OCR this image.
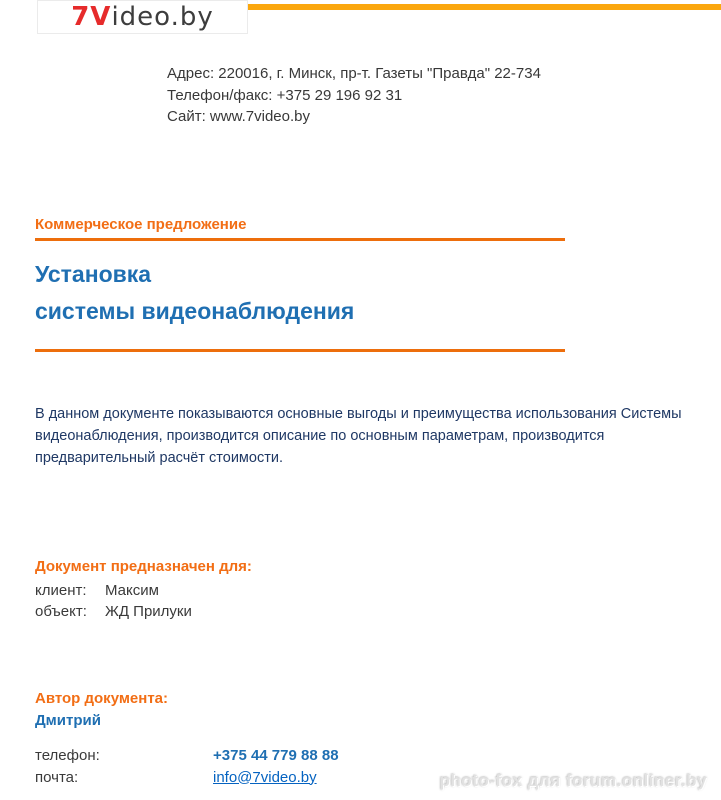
7V ideo.by
Адрес: 220016, г. Минск, пр-т. Газеты "Правда" 22-734
Телефон/факс: +375 29 196 92 31
Сайт: www.7video.by
Коммерческое предложение
Установка
системы видеонаблюдения
В данном документе показываются основные выгоды и преимущества использования Системы видеонаблюдения, производится описание по основным параметрам, производится предварительный расчёт стоимости.
Документ предназначен для:
клиент:	Максим
объект:	ЖД Прилуки
Автор документа:
Дмитрий
телефон:	+375 44 779 88 88
почта:	info@7video.by	photo-fox для forum.onliner.by
